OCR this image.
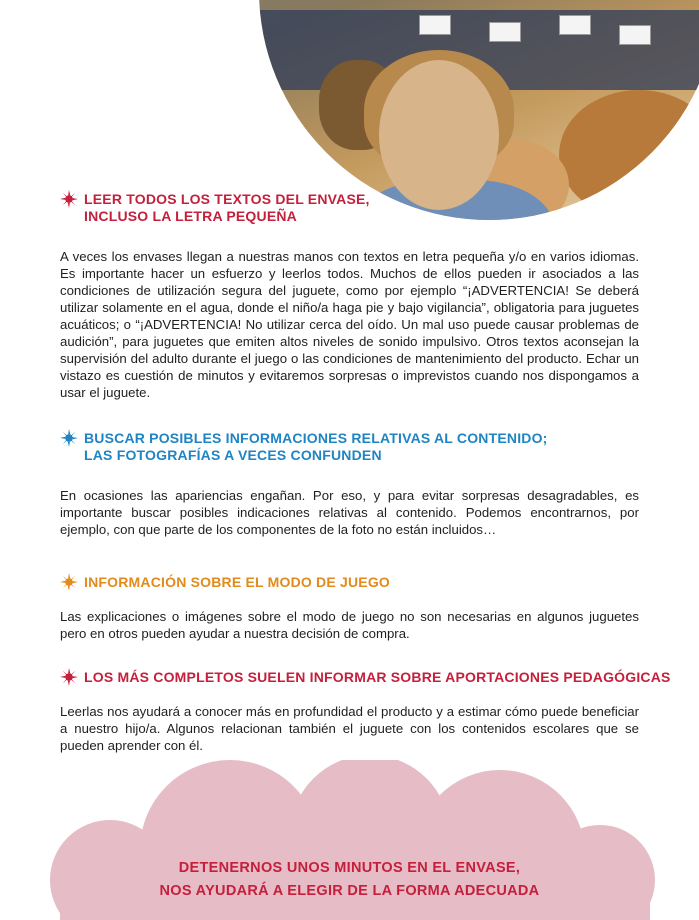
LEER TODOS LOS TEXTOS DEL ENVASE,
INCLUSO LA LETRA PEQUEÑA

A veces los envases llegan a nuestras manos con textos en letra pequeña y/o en varios idiomas. Es importante hacer un esfuerzo y leerlos todos. Muchos de ellos pueden ir asociados a las condiciones de utilización segura del juguete, como por ejemplo “¡ADVERTENCIA! Se deberá utilizar solamente en el agua, donde el niño/a haga pie y bajo vigilancia”, obligatoria para juguetes acuáticos; o “¡ADVERTENCIA! No utilizar cerca del oído. Un mal uso puede causar problemas de audición”, para juguetes que emiten altos niveles de sonido impulsivo. Otros textos aconsejan la supervisión del adulto durante el juego o las condiciones de mantenimiento del producto. Echar un vistazo es cuestión de minutos y evitaremos sorpresas o imprevistos cuando nos dispongamos a usar el juguete.

BUSCAR POSIBLES INFORMACIONES RELATIVAS AL CONTENIDO;
LAS FOTOGRAFÍAS A VECES CONFUNDEN

En ocasiones las apariencias engañan. Por eso, y para evitar sorpresas desagradables, es importante buscar posibles indicaciones relativas al contenido. Podemos encontrarnos, por ejemplo, con que parte de los componentes de la foto no están incluidos…

INFORMACIÓN SOBRE EL MODO DE JUEGO

Las explicaciones o imágenes sobre el modo de juego no son necesarias en algunos juguetes pero en otros pueden ayudar a nuestra decisión de compra.

LOS MÁS COMPLETOS SUELEN INFORMAR SOBRE APORTACIONES PEDAGÓGICAS

Leerlas nos ayudará a conocer más en profundidad el producto y a estimar cómo puede beneficiar a nuestro hijo/a. Algunos relacionan también el juguete con los contenidos escolares que se pueden aprender con él.

DETENERNOS UNOS MINUTOS EN EL ENVASE,
NOS AYUDARÁ A ELEGIR DE LA FORMA ADECUADA
